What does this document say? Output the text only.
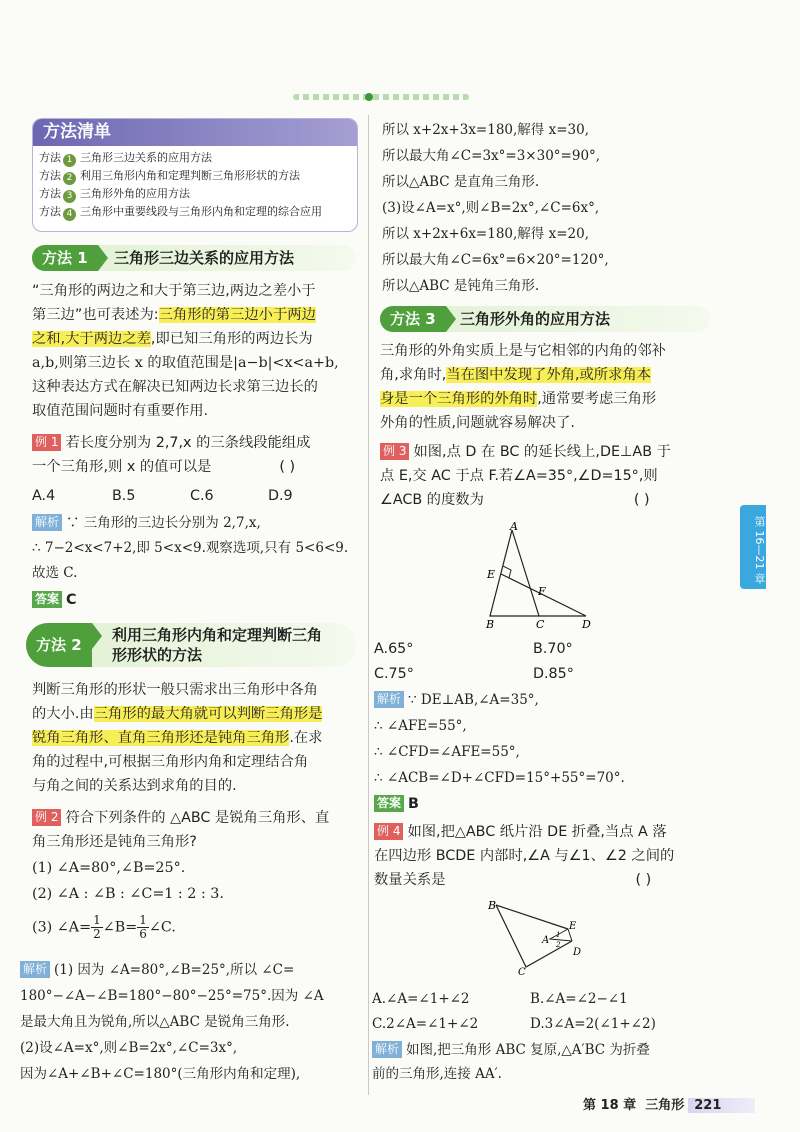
方法清单
方法 1 三角形三边关系的应用方法
方法 2 利用三角形内角和定理判断三角形形状的方法
方法 3 三角形外角的应用方法
方法 4 三角形中重要线段与三角形内角和定理的综合应用
方法 1	三角形三边关系的应用方法
“三角形的两边之和大于第三边,两边之差小于
第三边”也可表述为:三角形的第三边小于两边
之和,大于两边之差,即已知三角形的两边长为
a,b,则第三边长 x 的取值范围是|a−b|<x<a+b,
这种表达方式在解决已知两边长求第三边长的
取值范围问题时有重要作用.
例 1 若长度分别为 2,7,x 的三条线段能组成
一个三角形,则 x 的值可以是	( )
A.4	B.5	C.6	D.9
解析 ∵ 三角形的三边长分别为 2,7,x,
∴ 7−2<x<7+2,即 5<x<9.观察选项,只有 5<6<9.
故选 C.
答案 C
方法 2
利用三角形内角和定理判断三角
形形状的方法
判断三角形的形状一般只需求出三角形中各角
的大小.由三角形的最大角就可以判断三角形是
锐角三角形、直角三角形还是钝角三角形.在求
角的过程中,可根据三角形内角和定理结合角
与角之间的关系达到求角的目的.
例 2 符合下列条件的 △ABC 是锐角三角形、直
角三角形还是钝角三角形?
(1) ∠A=80°,∠B=25°.
(2) ∠A : ∠B : ∠C=1 : 2 : 3.
(3) ∠A= $\frac{1}{2}$ ∠B= $\frac{1}{6}$ ∠C.
解析 (1) 因为 ∠A=80°,∠B=25°,所以 ∠C=
180°−∠A−∠B=180°−80°−25°=75°.因为 ∠A
是最大角且为锐角,所以△ABC 是锐角三角形.
(2)设∠A=x°,则∠B=2x°,∠C=3x°,
因为∠A+∠B+∠C=180°(三角形内角和定理),
所以 x+2x+3x=180,解得 x=30,
所以最大角∠C=3x°=3×30°=90°,
所以△ABC 是直角三角形.
(3)设∠A=x°,则∠B=2x°,∠C=6x°,
所以 x+2x+6x=180,解得 x=20,
所以最大角∠C=6x°=6×20°=120°,
所以△ABC 是钝角三角形.
方法 3	三角形外角的应用方法
三角形的外角实质上是与它相邻的内角的邻补
角,求角时,当在图中发现了外角,或所求角本
身是一个三角形的外角时,通常要考虑三角形
外角的性质,问题就容易解决了.
例 3 如图,点 D 在 BC 的延长线上,DE⊥AB 于
点 E,交 AC 于点 F.若∠A=35°,∠D=15°,则
∠ACB 的度数为	( )
A
E
F
B	C	D
A.65°	B.70°
C.75°	D.85°
解析 ∵ DE⊥AB,∠A=35°,
∴ ∠AFE=55°,
∴ ∠CFD=∠AFE=55°,
∴ ∠ACB=∠D+∠CFD=15°+55°=70°.
答案 B
例 4 如图,把△ABC 纸片沿 DE 折叠,当点 A 落
在四边形 BCDE 内部时,∠A 与∠1、∠2 之间的
数量关系是	( )
B
E
A 1
2
D
C
A.∠A=∠1+∠2	B.∠A=∠2−∠1
C.2∠A=∠1+∠2	D.3∠A=2(∠1+∠2)
解析 如图,把三角形 ABC 复原,△A′BC 为折叠
前的三角形,连接 AA′.
第 16—21 章
第 18 章 三角形 221
